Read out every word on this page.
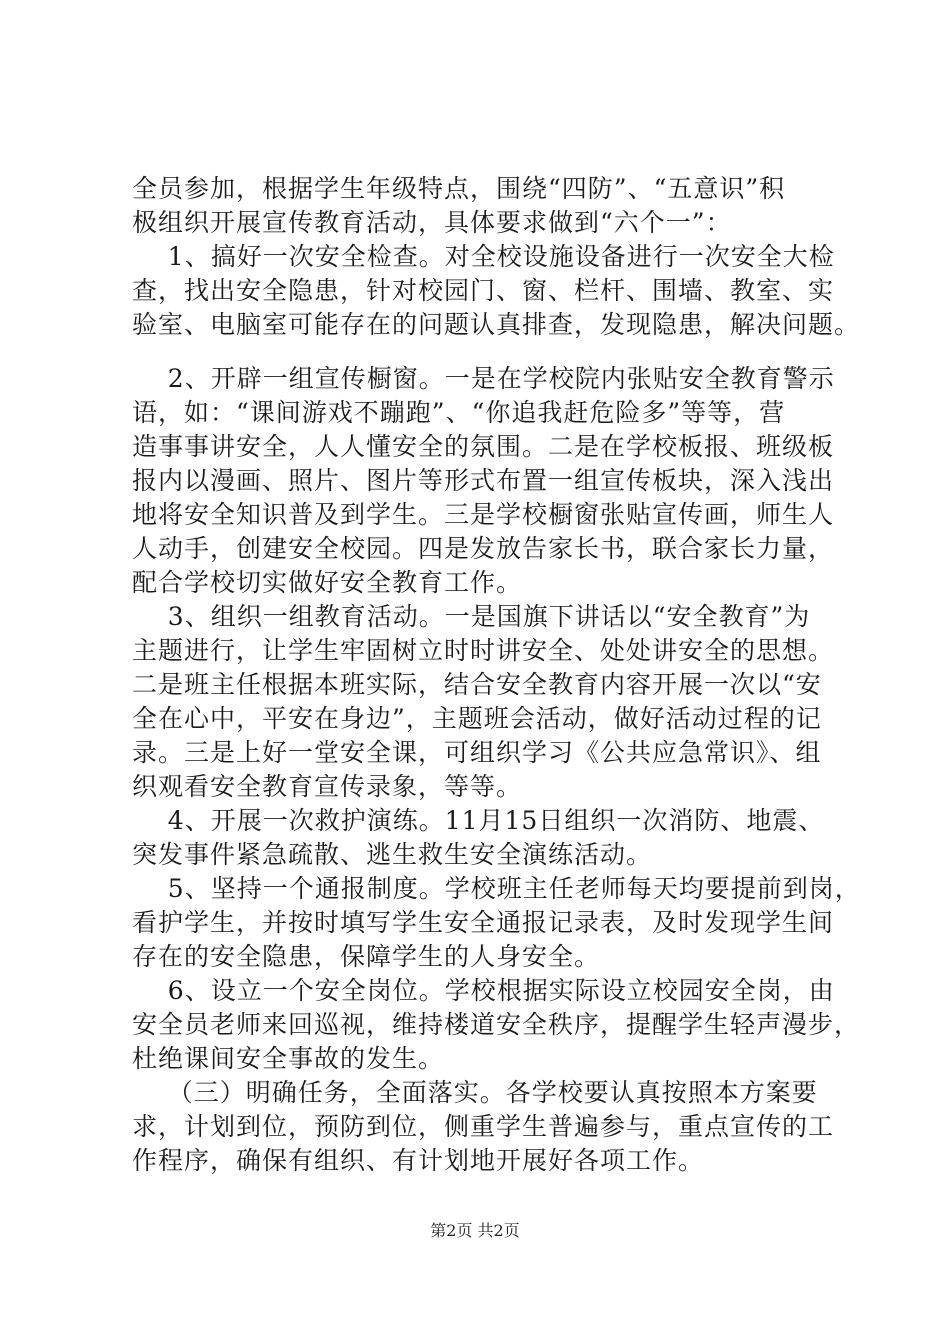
全员参加，根据学生年级特点，围绕“四防”、“五意识”积

极组织开展宣传教育活动，具体要求做到“六个一”：

1、搞好一次安全检查。对全校设施设备进行一次安全大检

查，找出安全隐患，针对校园门、窗、栏杆、围墙、教室、实

验室、电脑室可能存在的问题认真排查，发现隐患，解决问题。

2、开辟一组宣传橱窗。一是在学校院内张贴安全教育警示

语，如：“课间游戏不蹦跑”、“你追我赶危险多”等等，营

造事事讲安全，人人懂安全的氛围。二是在学校板报、班级板

报内以漫画、照片、图片等形式布置一组宣传板块，深入浅出

地将安全知识普及到学生。三是学校橱窗张贴宣传画，师生人

人动手，创建安全校园。四是发放告家长书，联合家长力量，

配合学校切实做好安全教育工作。

3、组织一组教育活动。一是国旗下讲话以“安全教育”为

主题进行，让学生牢固树立时时讲安全、处处讲安全的思想。

二是班主任根据本班实际，结合安全教育内容开展一次以“安

全在心中，平安在身边”，主题班会活动，做好活动过程的记

录。三是上好一堂安全课，可组织学习《公共应急常识》、组

织观看安全教育宣传录象，等等。

4、开展一次救护演练。11月15日组织一次消防、地震、

突发事件紧急疏散、逃生救生安全演练活动。

5、坚持一个通报制度。学校班主任老师每天均要提前到岗，

看护学生，并按时填写学生安全通报记录表，及时发现学生间

存在的安全隐患，保障学生的人身安全。

6、设立一个安全岗位。学校根据实际设立校园安全岗，由

安全员老师来回巡视，维持楼道安全秩序，提醒学生轻声漫步，

杜绝课间安全事故的发生。

（三）明确任务，全面落实。各学校要认真按照本方案要

求，计划到位，预防到位，侧重学生普遍参与，重点宣传的工

作程序，确保有组织、有计划地开展好各项工作。

第2页 共2页
